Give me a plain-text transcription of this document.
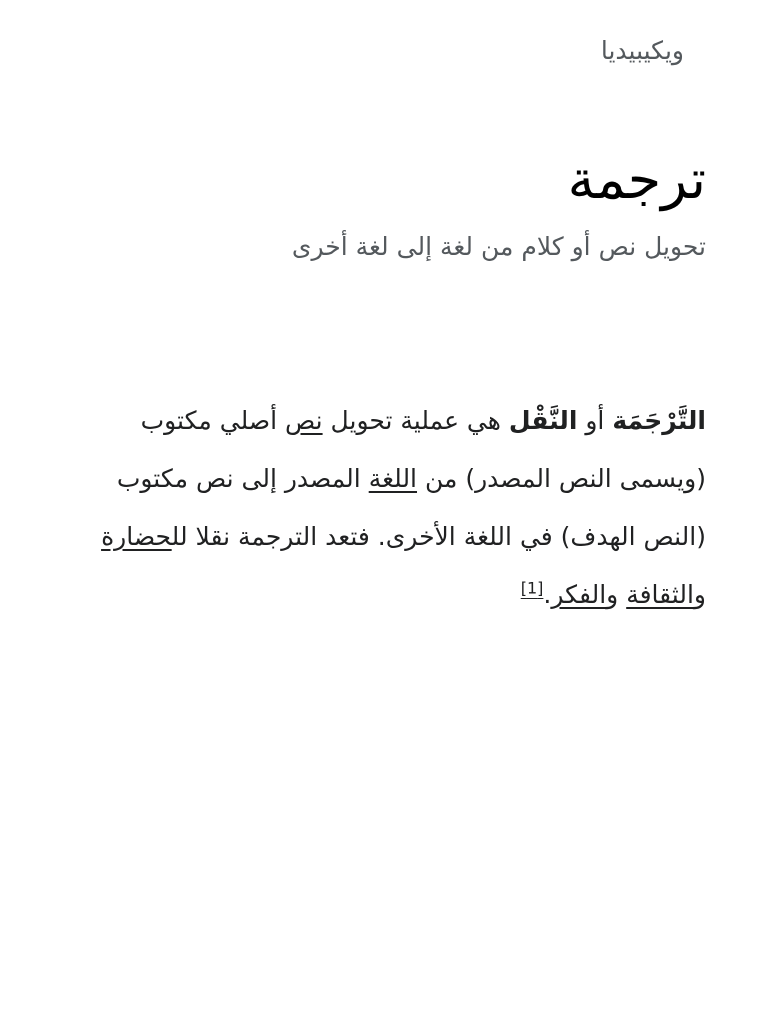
ويكيبيديا
ترجمة
تحويل نص أو كلام من لغة إلى لغة أخرى

التَّرْجَمَة أو النَّقْل هي عملية تحويل نص أصلي مكتوب (ويسمى النص المصدر) من اللغة المصدر إلى نص مكتوب (النص الهدف) في اللغة الأخرى. فتعد الترجمة نقلا للحضارة والثقافة والفكر.[1]
